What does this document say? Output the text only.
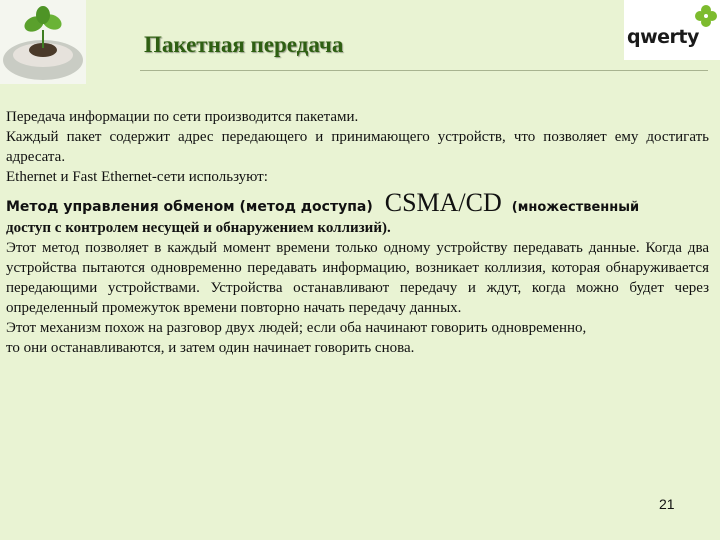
qwerty
Пакетная передача

Передача информации по сети производится пакетами.

Каждый пакет содержит адрес передающего и принимающего устройств, что позволяет ему достигать адресата.

Ethernet и Fast Ethernet-сети используют:

Метод управления обменом (метод доступа) CSMA/CD (множественный

доступ с контролем несущей и обнаружением коллизий).

Этот метод позволяет в каждый момент времени только одному устройству передавать данные. Когда два устройства пытаются одновременно передавать информацию, возникает коллизия, которая обнаруживается передающими устройствами. Устройства останавливают передачу и ждут, когда можно будет через определенный промежуток времени повторно начать передачу данных.

Этот механизм похож на разговор двух людей; если оба начинают говорить одновременно,

то они останавливаются, и затем один начинает говорить снова.

21
